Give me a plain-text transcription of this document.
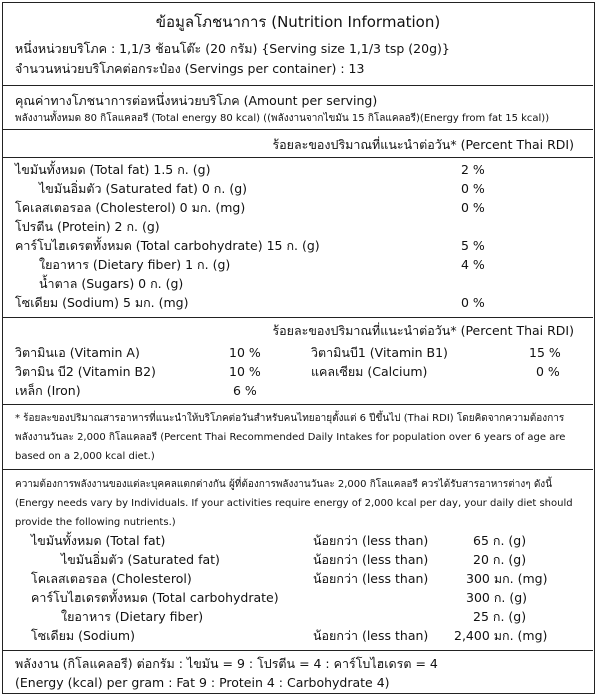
ข้อมูลโภชนาการ (Nutrition Information)
หนึ่งหน่วยบริโภค : 1,1/3 ช้อนโต๊ะ (20 กรัม) {Serving size 1,1/3 tsp (20g)}
จำนวนหน่วยบริโภคต่อกระป๋อง (Servings per container) : 13
คุณค่าทางโภชนาการต่อหนึ่งหน่วยบริโภค (Amount per serving)
พลังงานทั้งหมด 80 กิโลแคลอรี (Total energy 80 kcal) ((พลังงานจากไขมัน 15 กิโลแคลอรี)(Energy from fat 15 kcal))
ร้อยละของปริมาณที่แนะนำต่อวัน* (Percent Thai RDI)
ไขมันทั้งหมด (Total fat) 1.5 ก. (g)	2 %
ไขมันอิ่มตัว (Saturated fat) 0 ก. (g)	0 %
โคเลสเตอรอล (Cholesterol) 0 มก. (mg)	0 %
โปรตีน (Protein) 2 ก. (g)
คาร์โบไฮเดรตทั้งหมด (Total carbohydrate) 15 ก. (g)	5 %
ใยอาหาร (Dietary fiber) 1 ก. (g)	4 %
น้ำตาล (Sugars) 0 ก. (g)
โซเดียม (Sodium) 5 มก. (mg)	0 %
ร้อยละของปริมาณที่แนะนำต่อวัน* (Percent Thai RDI)
วิตามินเอ (Vitamin A)	10 %	วิตามินบี1 (Vitamin B1)	15 %
วิตามิน บี2 (Vitamin B2)	10 %	แคลเซียม (Calcium)	0 %
เหล็ก (Iron)	6 %
* ร้อยละของปริมาณสารอาหารที่แนะนำให้บริโภคต่อวันสำหรับคนไทยอายุตั้งแต่ 6 ปีขึ้นไป (Thai RDI) โดยคิดจากความต้องการ
พลังงานวันละ 2,000 กิโลแคลอรี (Percent Thai Recommended Daily Intakes for population over 6 years of age are
based on a 2,000 kcal diet.)
ความต้องการพลังงานของแต่ละบุคคลแตกต่างกัน ผู้ที่ต้องการพลังงานวันละ 2,000 กิโลแคลอรี ควรได้รับสารอาหารต่างๆ ดังนี้
(Energy needs vary by Individuals. If your activities require energy of 2,000 kcal per day, your daily diet should
provide the following nutrients.)
ไขมันทั้งหมด (Total fat)	น้อยกว่า (less than)	65 ก. (g)
ไขมันอิ่มตัว (Saturated fat)	น้อยกว่า (less than)	20 ก. (g)
โคเลสเตอรอล (Cholesterol)	น้อยกว่า (less than)	300 มก. (mg)
คาร์โบไฮเดรตทั้งหมด (Total carbohydrate)	300 ก. (g)
ใยอาหาร (Dietary fiber)	25 ก. (g)
โซเดียม (Sodium)	น้อยกว่า (less than) 2,400 มก. (mg)
พลังงาน (กิโลแคลอรี) ต่อกรัม : ไขมัน = 9 : โปรตีน = 4 : คาร์โบไฮเดรต = 4
(Energy (kcal) per gram : Fat 9 : Protein 4 : Carbohydrate 4)
